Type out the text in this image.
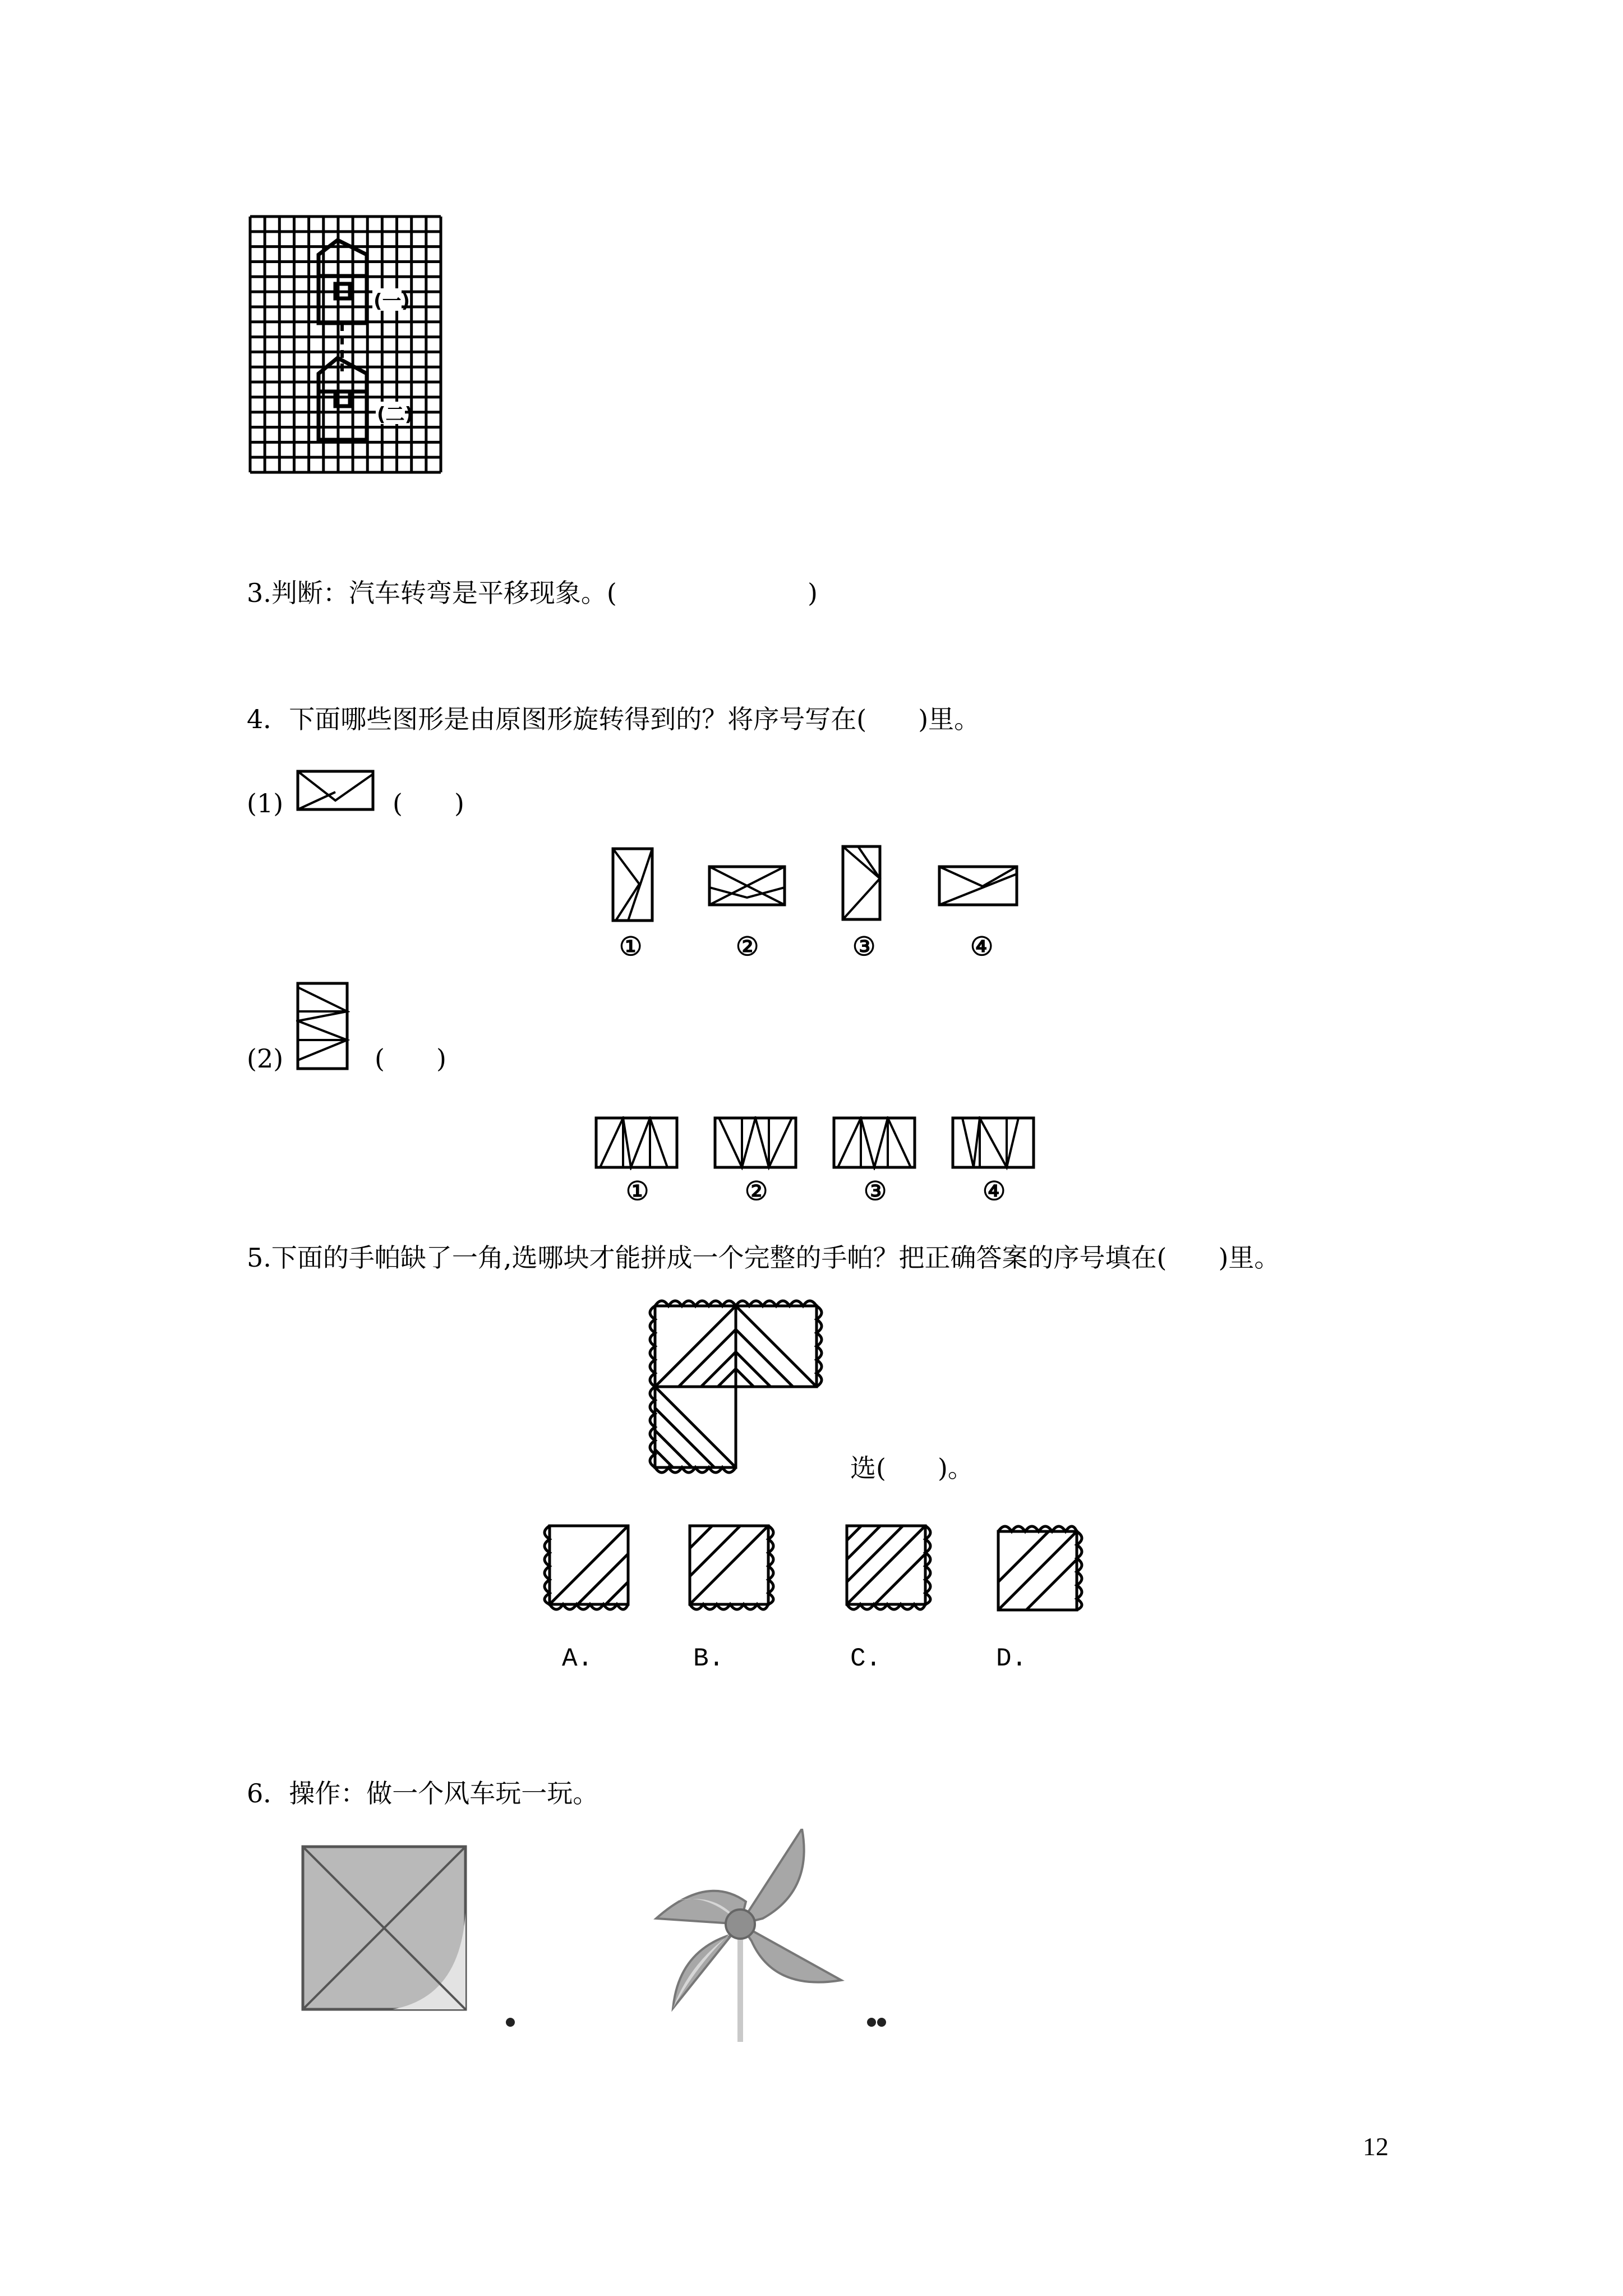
(一)
(二)
3.判断：汽车转弯是平移现象。(	)
4．下面哪些图形是由原图形旋转得到的？将序号写在(　　)里。
(1)	(　　)
①	②	③	④
(2)	(　　)
①	②	③	④
5.下面的手帕缺了一角,选哪块才能拼成一个完整的手帕？把正确答案的序号填在(　　)里。
选(　　)。
A.	B.	C.	D.
6．操作：做一个风车玩一玩。
12
